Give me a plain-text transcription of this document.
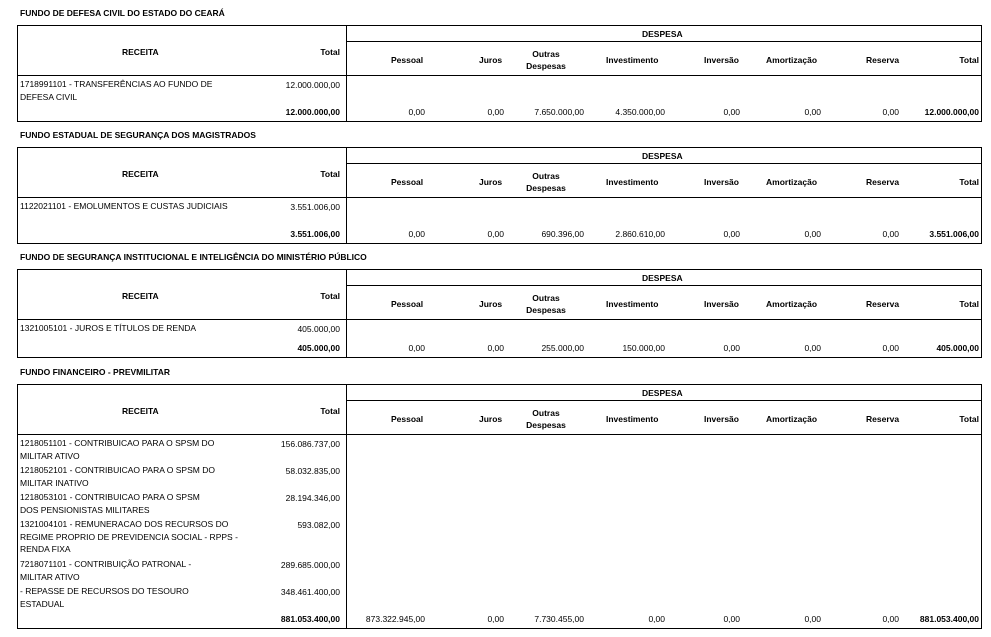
FUNDO DE DEFESA CIVIL DO ESTADO DO CEARÁ
DESPESA
RECEITA	Total
Pessoal	Juros
Outras Despesas
Investimento	Inversão	Amortização	Reserva	Total
1718991101 - TRANSFERÊNCIAS AO FUNDO DE DEFESA CIVIL
12.000.000,00
12.000.000,00	0,00	0,00	7.650.000,00	4.350.000,00	0,00	0,00	0,00	12.000.000,00
FUNDO ESTADUAL DE SEGURANÇA DOS MAGISTRADOS
DESPESA
RECEITA	Total
Pessoal	Juros
Outras Despesas
Investimento	Inversão	Amortização	Reserva	Total
1122021101 - EMOLUMENTOS E CUSTAS JUDICIAIS	3.551.006,00
3.551.006,00	0,00	0,00	690.396,00	2.860.610,00	0,00	0,00	0,00	3.551.006,00
FUNDO DE SEGURANÇA INSTITUCIONAL E INTELIGÊNCIA DO MINISTÉRIO PÚBLICO
DESPESA
RECEITA	Total
Pessoal	Juros
Outras Despesas
Investimento	Inversão	Amortização	Reserva	Total
1321005101 - JUROS E TÍTULOS DE RENDA	405.000,00
405.000,00	0,00	0,00	255.000,00	150.000,00	0,00	0,00	0,00	405.000,00
FUNDO FINANCEIRO - PREVMILITAR
DESPESA
RECEITA	Total
Pessoal	Juros
Outras Despesas
Investimento	Inversão	Amortização	Reserva	Total
1218051101 - CONTRIBUICAO PARA O SPSM DO MILITAR ATIVO
156.086.737,00
1218052101 - CONTRIBUICAO PARA O SPSM DO MILITAR INATIVO
58.032.835,00
1218053101 - CONTRIBUICAO PARA O SPSM DOS PENSIONISTAS MILITARES
28.194.346,00
1321004101 - REMUNERACAO DOS RECURSOS DO REGIME PROPRIO DE PREVIDENCIA SOCIAL - RPPS - RENDA FIXA
593.082,00
7218071101 - CONTRIBUIÇÃO PATRONAL - MILITAR ATIVO
289.685.000,00
- REPASSE DE RECURSOS DO TESOURO ESTADUAL
348.461.400,00
881.053.400,00	873.322.945,00	0,00	7.730.455,00	0,00	0,00	0,00	0,00 881.053.400,00
